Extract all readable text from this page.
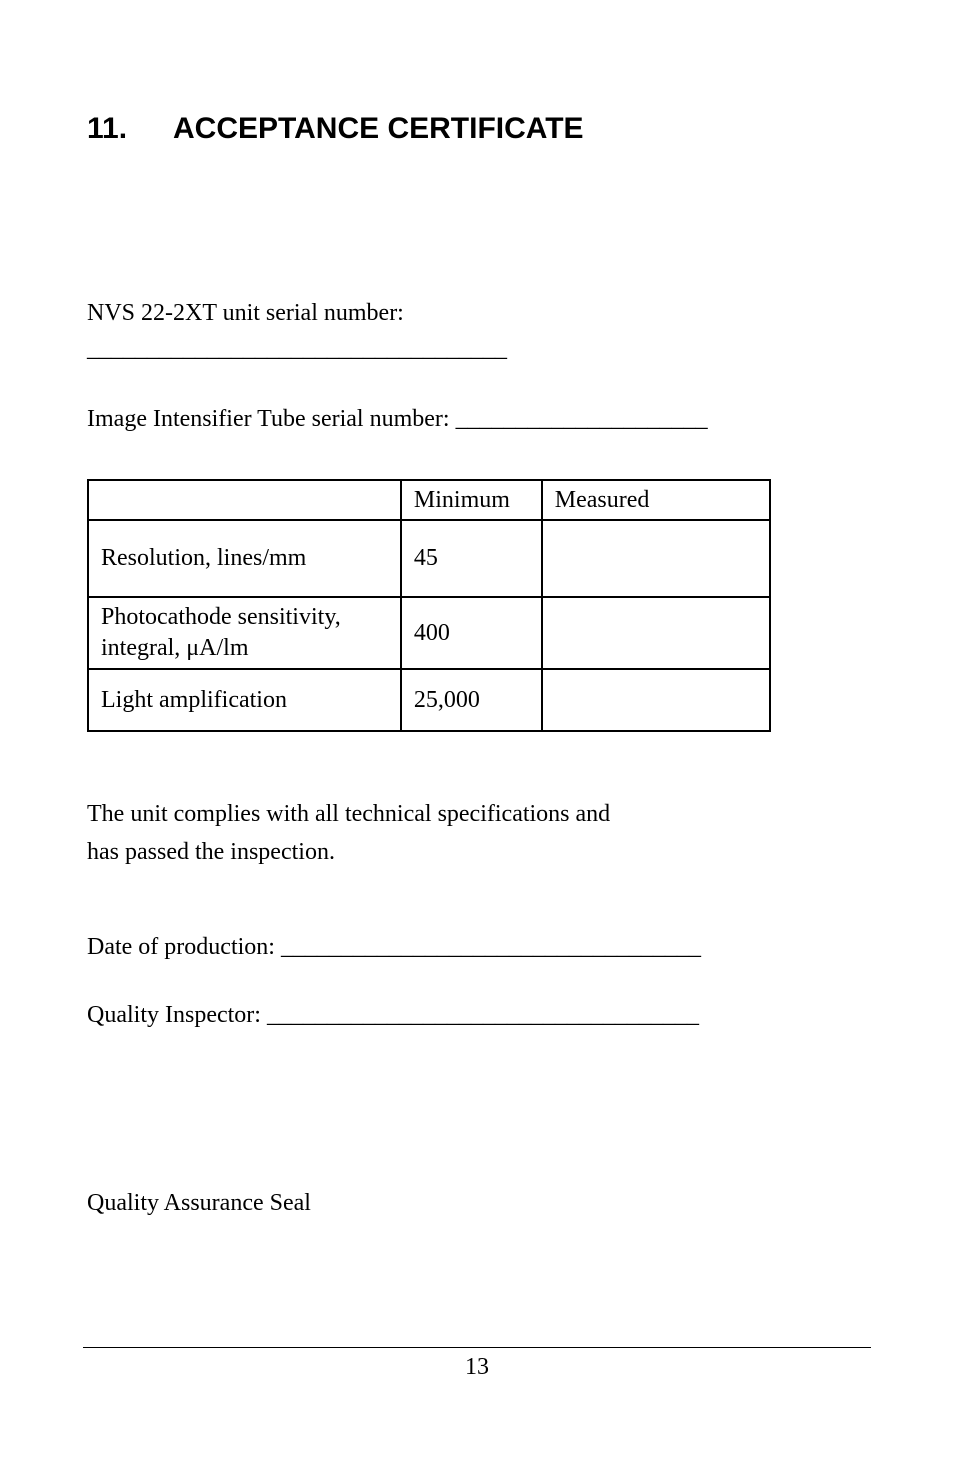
11. ACCEPTANCE CERTIFICATE

NVS 22-2XT unit serial number:

___________________________________

Image Intensifier Tube serial number: _____________________

	Minimum	Measured
Resolution, lines/mm	45	
Photocathode sensitivity,
integral, μA/lm	400	
Light amplification	25,000	

The unit complies with all technical specifications and
has passed the inspection.

Date of production: ___________________________________

Quality Inspector: ____________________________________

Quality Assurance Seal

13
